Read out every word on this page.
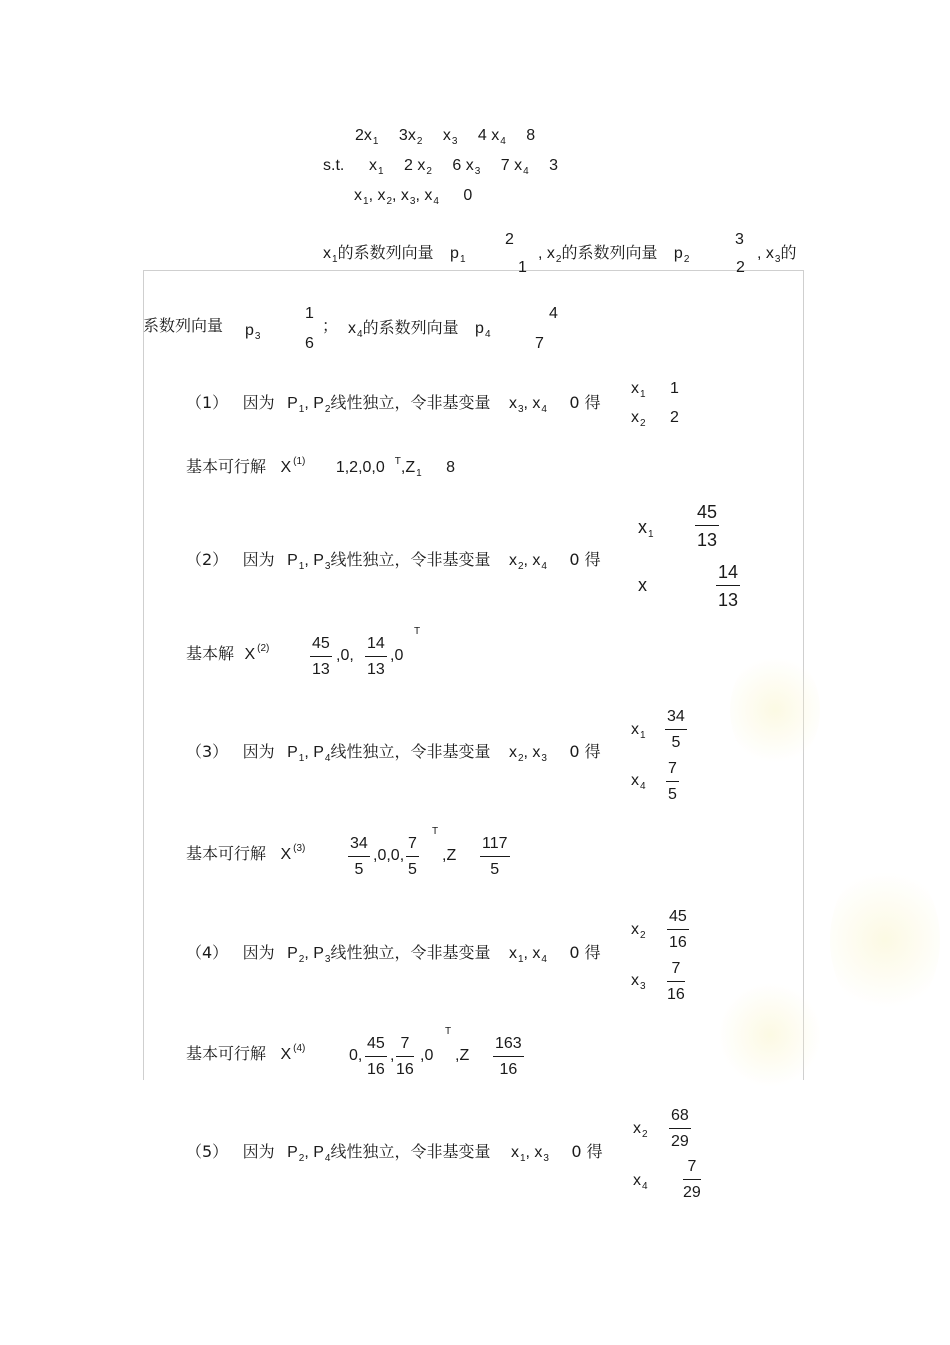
$2x_1$ $3x_2$ $x_3$ 4 $x_4$ 8
s.t. $x_1$ 2 $x_2$ 6 $x_3$ 7 $x_4$ 3
$x_1$, $x_2$, $x_3$, $x_4$ 0
$x_1$的系数列向量 $p_1$
2
1
, $x_2$的系数列向量 $p_2$
3
2
, $x_3$的
系数列向量 $p_3$
1
6
； $x_4$的系数列向量 $p_4$
4
7
（1） 因为 $P_1$, $P_2$线性独立，令非基变量 $x_3$, $x_4$ 0 得
$x_1$ 1
$x_2$ 2
基本可行解 X $^{(1)}$ 1,2,0,0 $^T,Z_1$ 8
（2） 因为 $P_1$, $P_3$线性独立，令非基变量 $x_2$, $x_4$ 0 得
$x_1 \frac{45}{13}$
x	$\frac{14}{13}$
基本解 X $^{(2)}$	$\frac{45}{13} ,0$, $\frac{14}{13} ,0$
T
（3） 因为 $P_1$, $P_4$线性独立，令非基变量 $x_2$, $x_3$ 0 得
$x_1 \frac{34}{5}$
$x_4 \frac{7}{5}$
基本可行解 X $^{(3)}$	$\frac{34}{5} ,0,0$, $\frac{7}{5}$
T
$,Z \frac{117}{5}$
（4） 因为 $P_2$, $P_3$线性独立，令非基变量 $x_1$, $x_4$ 0 得
$x_2 \frac{45}{16}$
$x_3 \frac{7}{16}$
基本可行解 X $^{(4)}$	0, $\frac{45}{16}$ , $\frac{7}{16} ,0$
T
$,Z \frac{163}{16}$
（5） 因为 $P_2$, $P_4$线性独立，令非基变量 $x_1$, $x_3$ 0 得
$x_2 \frac{68}{29}$
$x_4 \frac{7}{29}$
